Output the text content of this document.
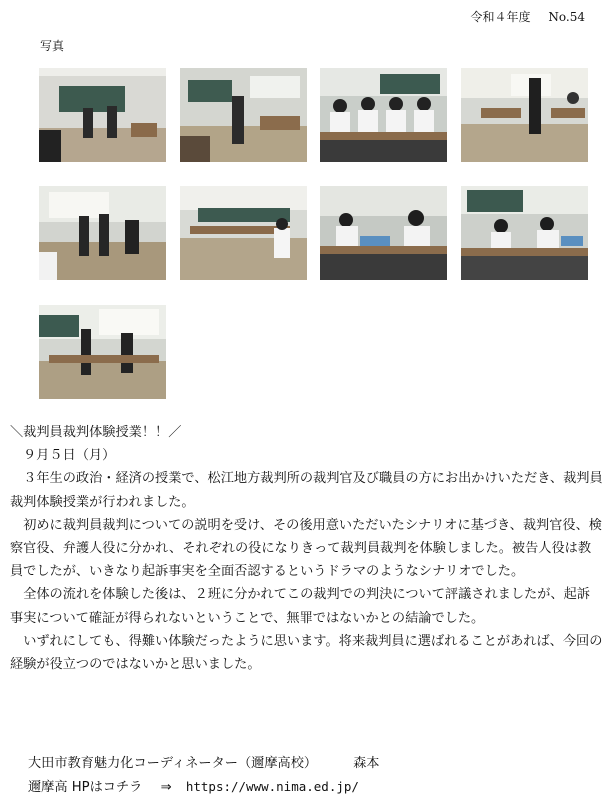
令和４年度 No.54
写真

＼裁判員裁判体験授業！！／

９月５日（月）

３年生の政治・経済の授業で、松江地方裁判所の裁判官及び職員の方にお出かけいただき、裁判員裁判体験授業が行われました。

初めに裁判員裁判についての説明を受け、その後用意いただいたシナリオに基づき、裁判官役、検察官役、弁護人役に分かれ、それぞれの役になりきって裁判員裁判を体験しました。被告人役は教員でしたが、いきなり起訴事実を全面否認するというドラマのようなシナリオでした。

全体の流れを体験した後は、２班に分かれてこの裁判での判決について評議されましたが、起訴事実について確証が得られないということで、無罪ではないかとの結論でした。

いずれにしても、得難い体験だったように思います。将来裁判員に選ばれることがあれば、今回の経験が役立つのではないかと思いました。

大田市教育魅力化コーディネーター（邇摩高校）	森本
邇摩高 HPはコチラ ⇒ https://www.nima.ed.jp/
